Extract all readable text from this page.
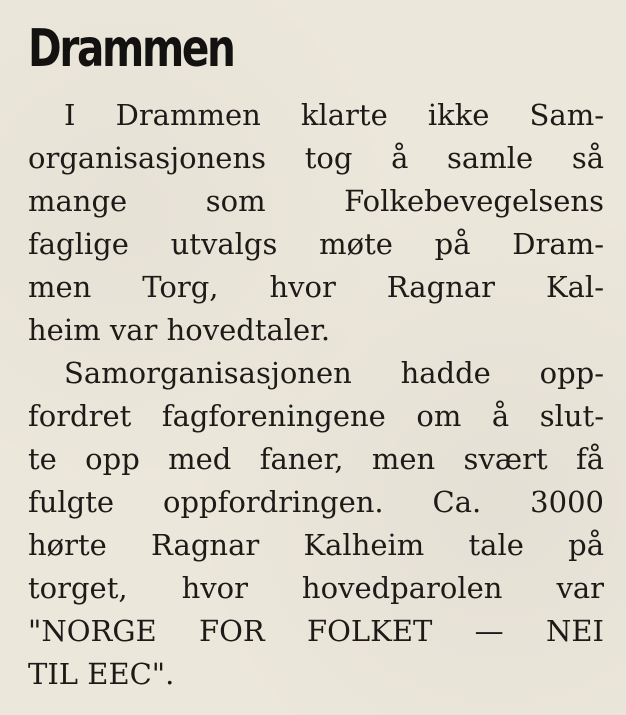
Drammen

I Drammen klarte ikke Sam-
organisasjonens tog å samle så
mange som Folkebevegelsens
faglige utvalgs møte på Dram-
men Torg, hvor Ragnar Kal-
heim var hovedtaler.

Samorganisasjonen hadde opp-
fordret fagforeningene om å slut-
te opp med faner, men svært få
fulgte oppfordringen. Ca. 3000
hørte Ragnar Kalheim tale på
torget, hvor hovedparolen var
"NORGE FOR FOLKET — NEI
TIL EEC".
